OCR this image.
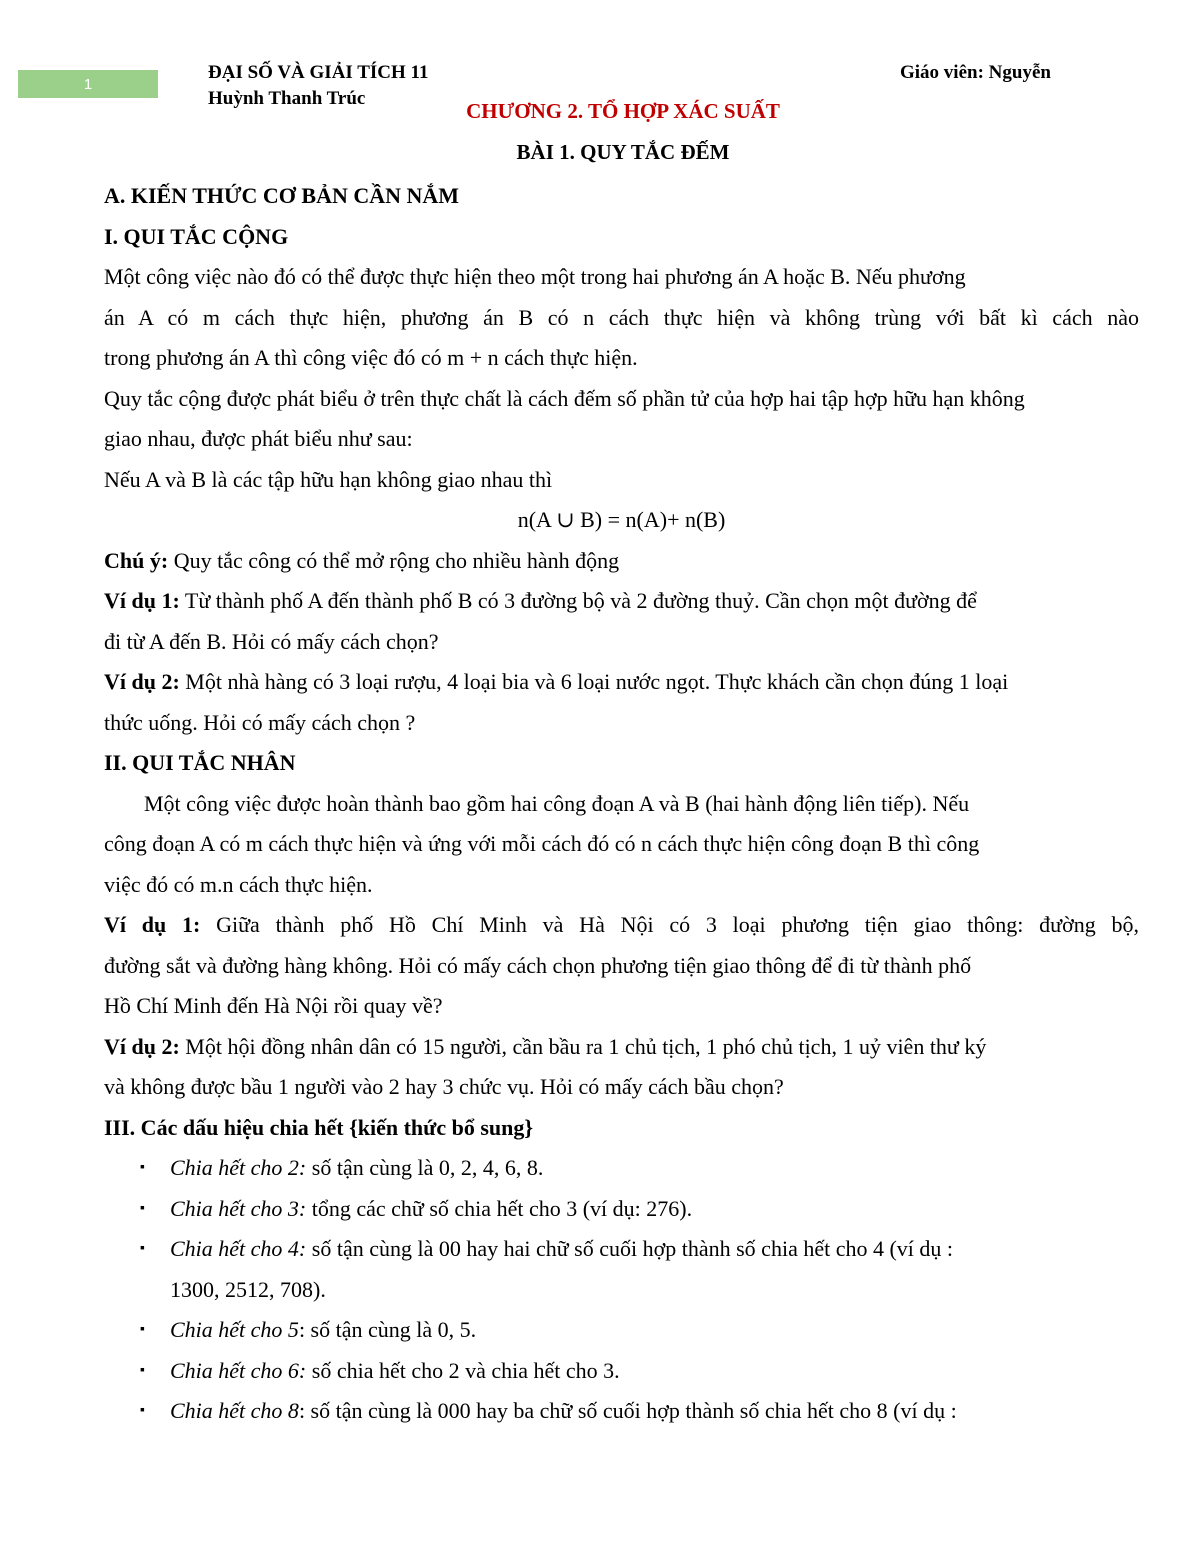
1
ĐẠI SỐ VÀ GIẢI TÍCH 11
Huỳnh Thanh Trúc
Giáo viên: Nguyễn
CHƯƠNG 2. TỔ HỢP XÁC SUẤT
BÀI 1. QUY TẮC ĐẾM
A. KIẾN THỨC CƠ BẢN CẦN NẮM
I. QUI TẮC CỘNG
Một công việc nào đó có thể được thực hiện theo một trong hai phương án A hoặc B. Nếu phương
án A có m cách thực hiện, phương án B có n cách thực hiện và không trùng với bất kì cách nào
trong phương án A thì công việc đó có m + n cách thực hiện.
Quy tắc cộng được phát biểu ở trên thực chất là cách đếm số phần tử của hợp hai tập hợp hữu hạn không
giao nhau, được phát biểu như sau:
Nếu A và B là các tập hữu hạn không giao nhau thì
n(A ∪ B) = n(A)+ n(B)
Chú ý: Quy tắc công có thể mở rộng cho nhiều hành động
Ví dụ 1: Từ thành phố A đến thành phố B có 3 đường bộ và 2 đường thuỷ. Cần chọn một đường để
đi từ A đến B. Hỏi có mấy cách chọn?
Ví dụ 2: Một nhà hàng có 3 loại rượu, 4 loại bia và 6 loại nước ngọt. Thực khách cần chọn đúng 1 loại
thức uống. Hỏi có mấy cách chọn ?
II. QUI TẮC NHÂN
Một công việc được hoàn thành bao gồm hai công đoạn A và B (hai hành động liên tiếp). Nếu
công đoạn A có m cách thực hiện và ứng với mỗi cách đó có n cách thực hiện công đoạn B thì công
việc đó có m.n cách thực hiện.
Ví dụ 1: Giữa thành phố Hồ Chí Minh và Hà Nội có 3 loại phương tiện giao thông: đường bộ,
đường sắt và đường hàng không. Hỏi có mấy cách chọn phương tiện giao thông để đi từ thành phố
Hồ Chí Minh đến Hà Nội rồi quay về?
Ví dụ 2: Một hội đồng nhân dân có 15 người, cần bầu ra 1 chủ tịch, 1 phó chủ tịch, 1 uỷ viên thư ký
và không được bầu 1 người vào 2 hay 3 chức vụ. Hỏi có mấy cách bầu chọn?
III. Các dấu hiệu chia hết {kiến thức bổ sung}
▪ Chia hết cho 2: số tận cùng là 0, 2, 4, 6, 8.
▪ Chia hết cho 3: tổng các chữ số chia hết cho 3 (ví dụ: 276).
▪ Chia hết cho 4: số tận cùng là 00 hay hai chữ số cuối hợp thành số chia hết cho 4 (ví dụ :
1300, 2512, 708).
▪ Chia hết cho 5: số tận cùng là 0, 5.
▪ Chia hết cho 6: số chia hết cho 2 và chia hết cho 3.
▪ Chia hết cho 8: số tận cùng là 000 hay ba chữ số cuối hợp thành số chia hết cho 8 (ví dụ :
